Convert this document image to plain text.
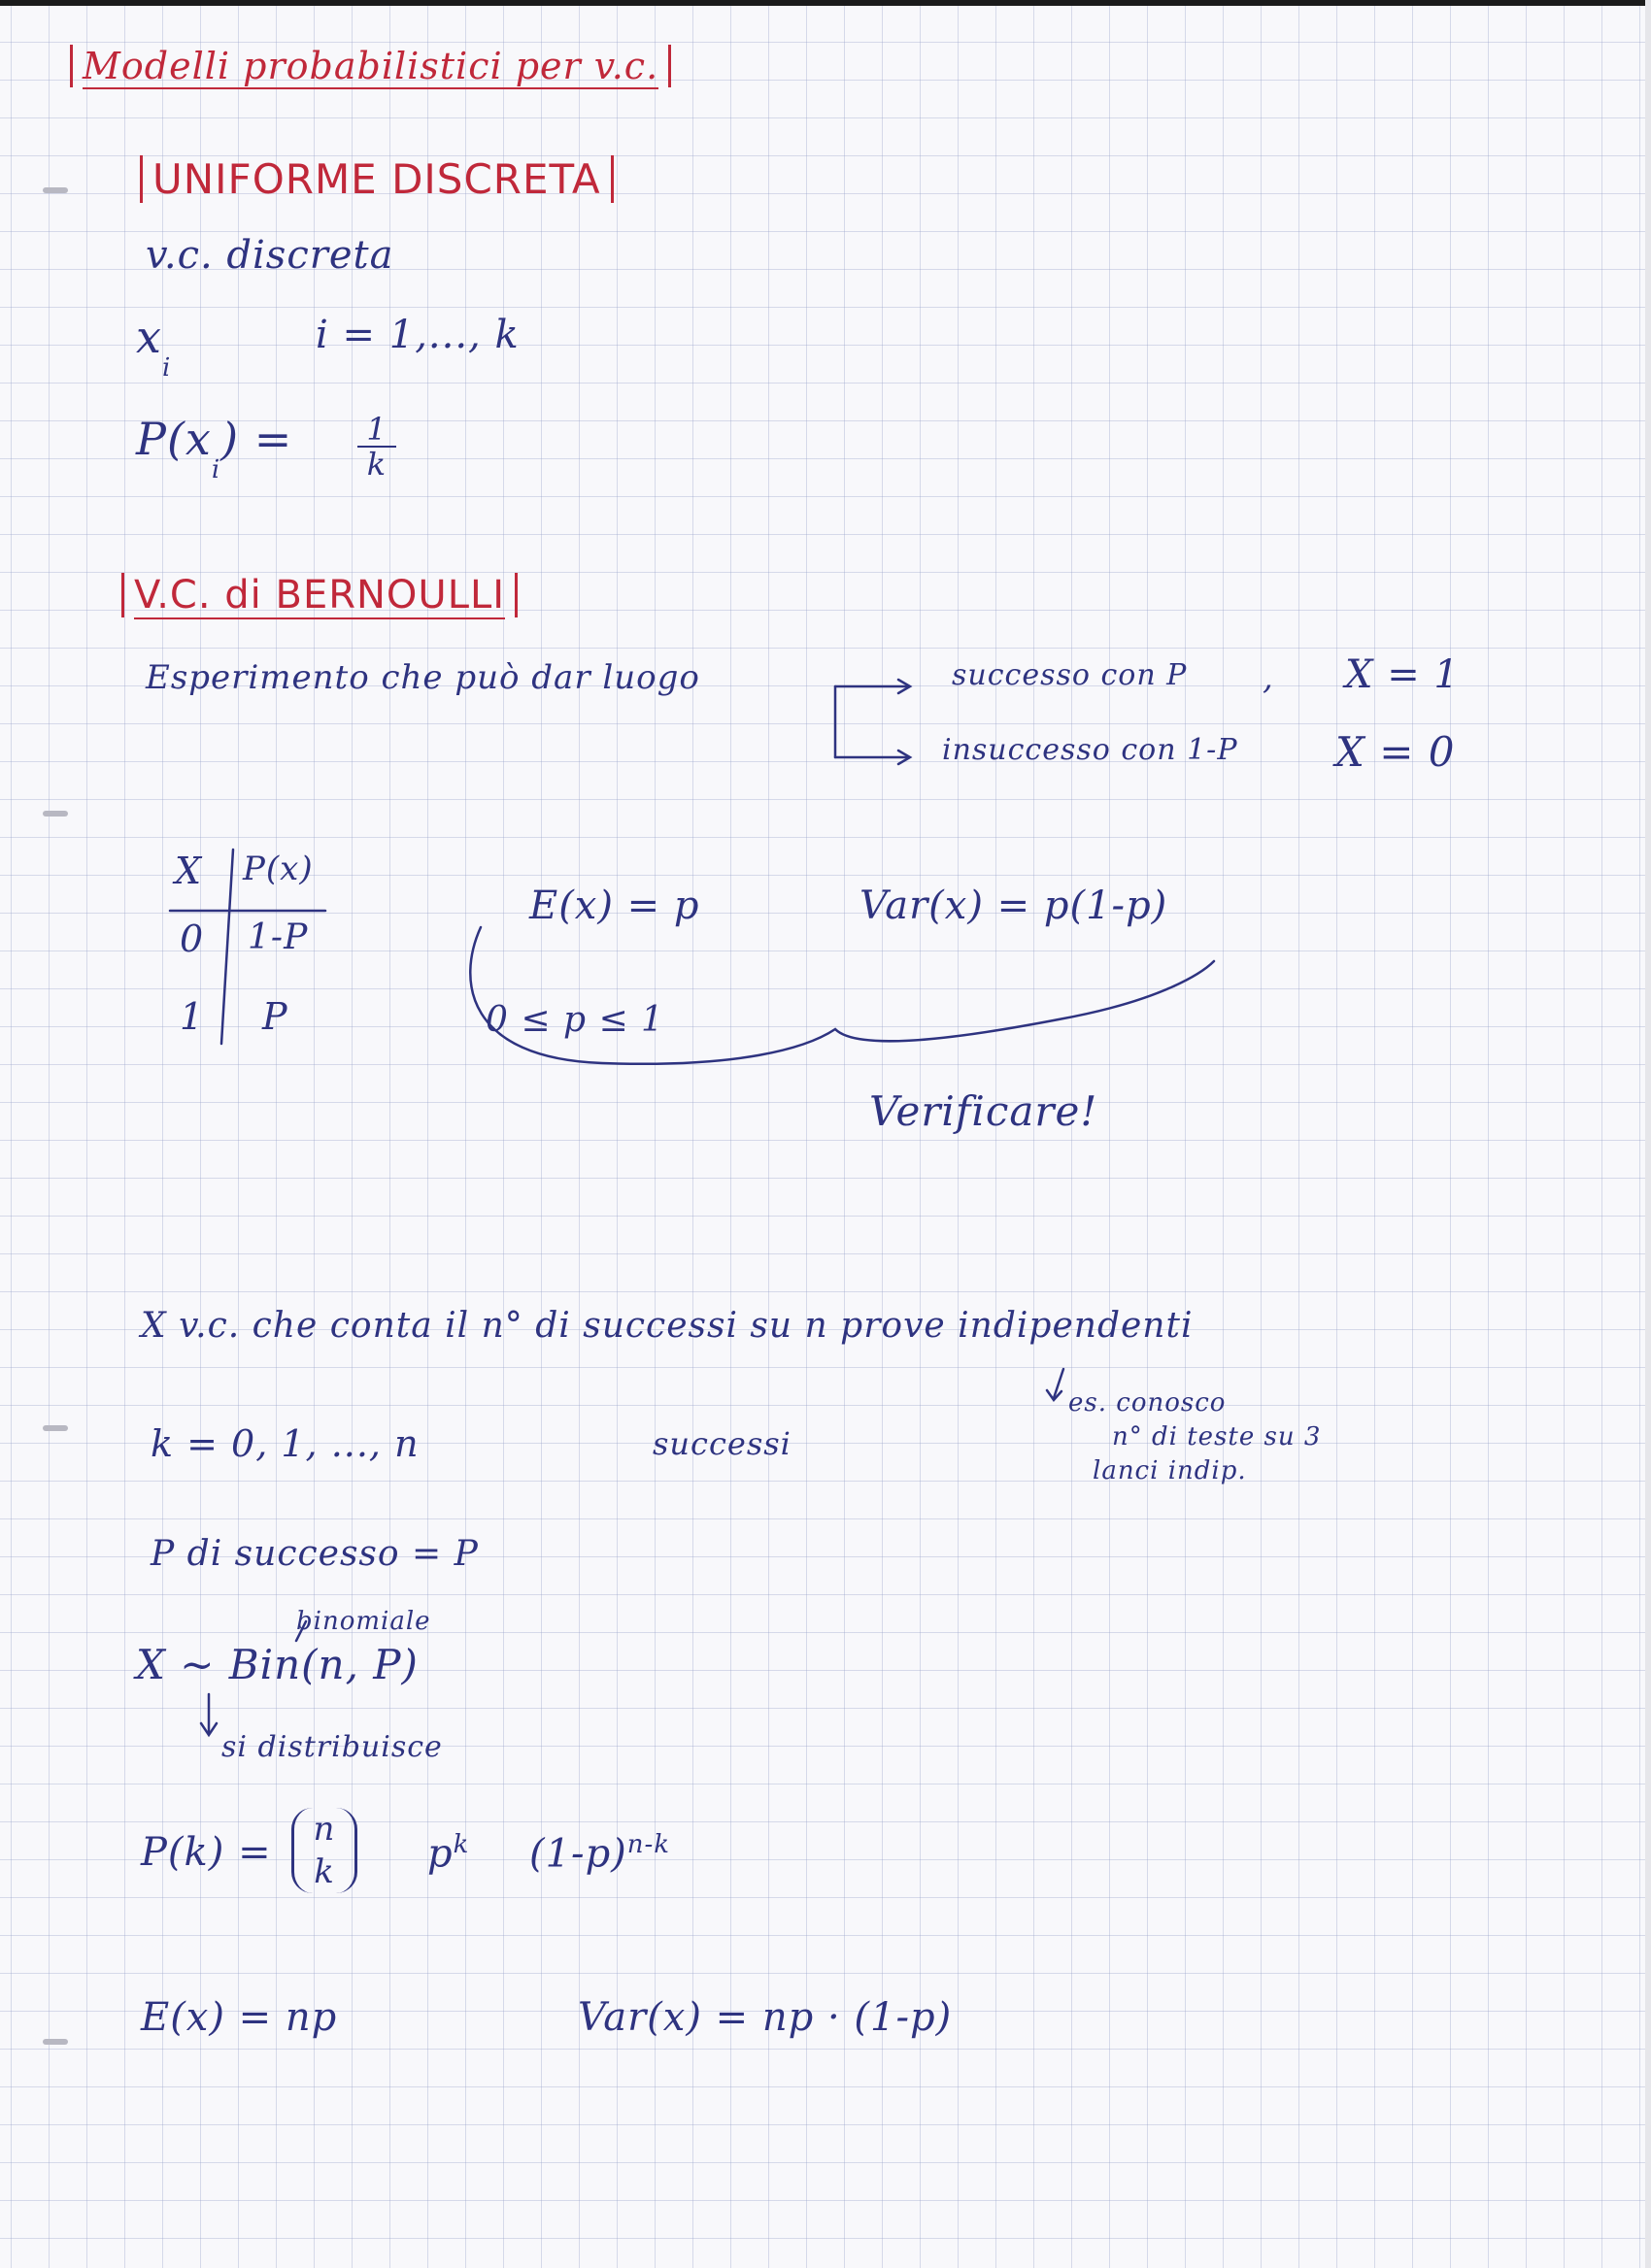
Modelli probabilistici per v.c.
UNIFORME DISCRETA
v.c. discreta
$x_i$
i = 1,..., k
$P(x_i) = \frac{1}{k}$
V.C. di BERNOULLI
Esperimento che può dar luogo	successo con P , X = 1
insuccesso con 1-P X = 0
X P(x)
0 1-P
1 P
E(x) = p	Var(x) = p(1-p)
0 ≤ p ≤ 1
Verificare!
X v.c. che conta il n° di successi su n prove indipendenti
es. conosco
n° di teste su 3
lanci indip.
k = 0, 1, ..., n	successi
P di successo = P
binomiale
X ~ Bin(n, P)
si distribuisce
P(k) =
n
k	$p^k$ $(1-p)^{n-k}$
E(x) = np	Var(x) = np · (1-p)
